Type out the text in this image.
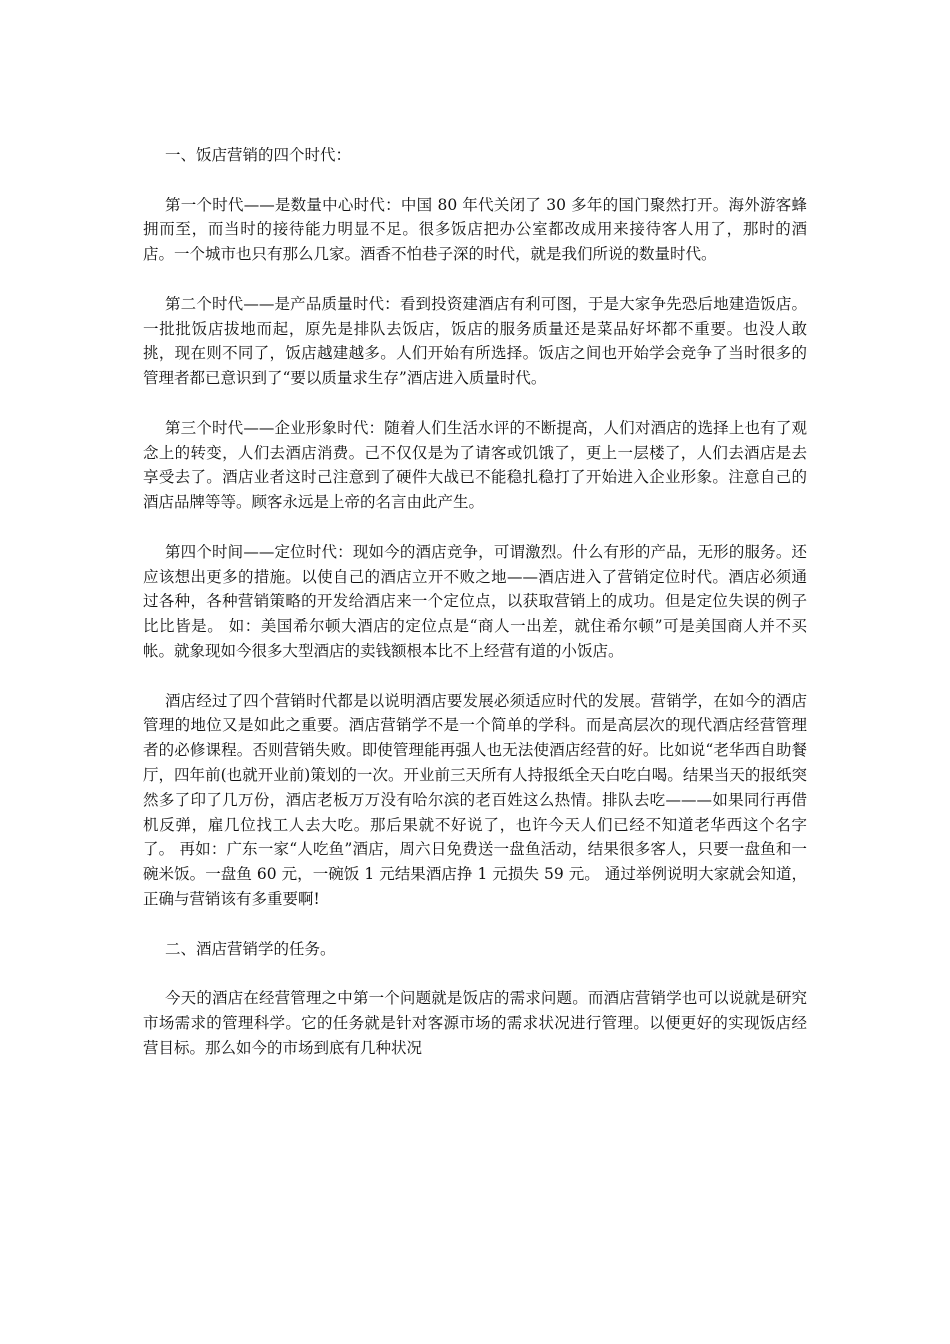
一、饭店营销的四个时代：

第一个时代——是数量中心时代：中国 80 年代关闭了 30 多年的国门聚然打开。海外游客蜂拥而至，而当时的接待能力明显不足。很多饭店把办公室都改成用来接待客人用了，那时的酒店。一个城市也只有那么几家。酒香不怕巷子深的时代，就是我们所说的数量时代。

第二个时代——是产品质量时代：看到投资建酒店有利可图，于是大家争先恐后地建造饭店。一批批饭店拔地而起，原先是排队去饭店，饭店的服务质量还是菜品好坏都不重要。也没人敢挑，现在则不同了，饭店越建越多。人们开始有所选择。饭店之间也开始学会竞争了当时很多的管理者都已意识到了“要以质量求生存”酒店进入质量时代。

第三个时代——企业形象时代：随着人们生活水评的不断提高，人们对酒店的选择上也有了观念上的转变，人们去酒店消费。己不仅仅是为了请客或饥饿了，更上一层楼了，人们去酒店是去享受去了。酒店业者这时己注意到了硬件大战已不能稳扎稳打了开始进入企业形象。注意自己的酒店品牌等等。顾客永远是上帝的名言由此产生。

第四个时间——定位时代：现如今的酒店竞争，可谓激烈。什么有形的产品，无形的服务。还应该想出更多的措施。以使自己的酒店立开不败之地——酒店进入了营销定位时代。酒店必须通过各种，各种营销策略的开发给酒店来一个定位点，以获取营销上的成功。但是定位失误的例子比比皆是。 如：美国希尔顿大酒店的定位点是“商人一出差，就住希尔顿”可是美国商人并不买帐。就象现如今很多大型酒店的卖钱额根本比不上经营有道的小饭店。

酒店经过了四个营销时代都是以说明酒店要发展必须适应时代的发展。营销学，在如今的酒店管理的地位又是如此之重要。酒店营销学不是一个简单的学科。而是高层次的现代酒店经营管理者的必修课程。否则营销失败。即使管理能再强人也无法使酒店经营的好。比如说“老华西自助餐厅，四年前(也就开业前)策划的一次。开业前三天所有人持报纸全天白吃白喝。结果当天的报纸突然多了印了几万份，酒店老板万万没有哈尔滨的老百姓这么热情。排队去吃———如果同行再借机反弹，雇几位找工人去大吃。那后果就不好说了，也许今天人们已经不知道老华西这个名字了。 再如：广东一家“人吃鱼”酒店，周六日免费送一盘鱼活动，结果很多客人，只要一盘鱼和一碗米饭。一盘鱼 60 元，一碗饭 1 元结果酒店挣 1 元损失 59 元。 通过举例说明大家就会知道，正确与营销该有多重要啊!

二、酒店营销学的任务。

今天的酒店在经营管理之中第一个问题就是饭店的需求问题。而酒店营销学也可以说就是研究市场需求的管理科学。它的任务就是针对客源市场的需求状况进行管理。以便更好的实现饭店经营目标。那么如今的市场到底有几种状况
